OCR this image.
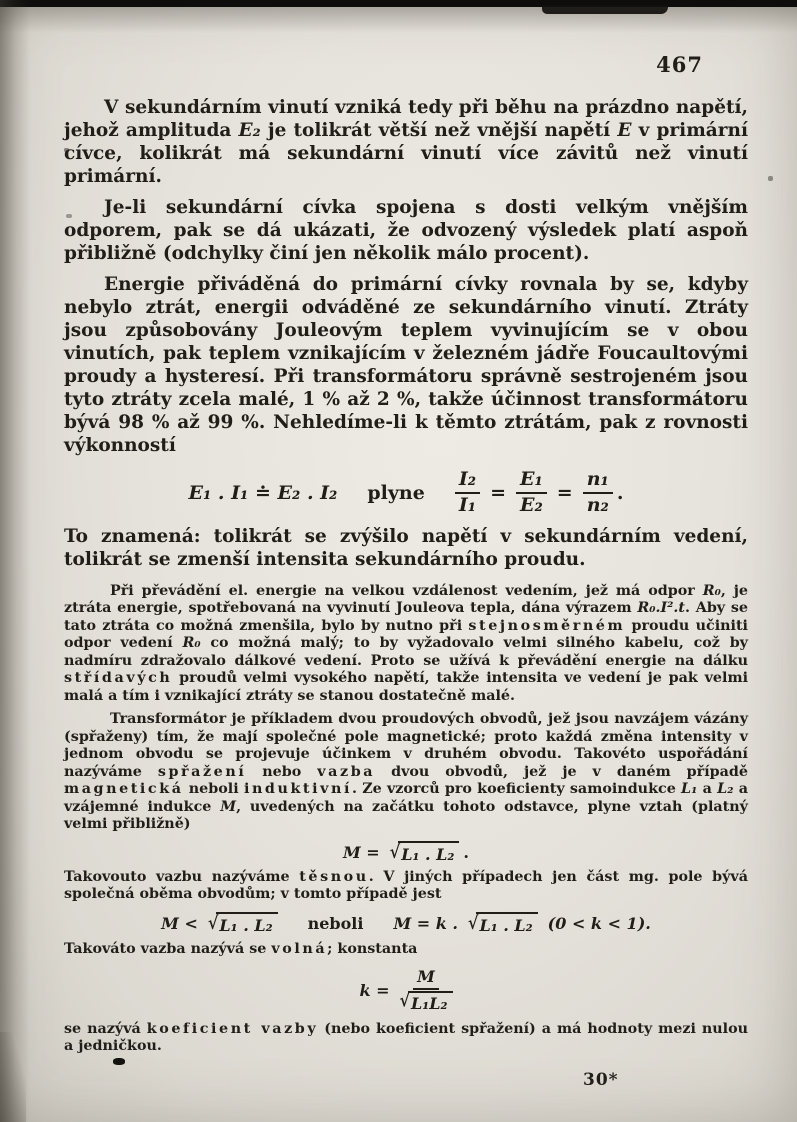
467

V sekundárním vinutí vzniká tedy při běhu na prázdno napětí, jehož amplituda E₂ je tolikrát větší než vnější napětí E v primární cívce, kolikrát má sekundární vinutí více závitů než vinutí primární.

Je-li sekundární cívka spojena s dosti velkým vnějším odporem, pak se dá ukázati, že odvozený výsledek platí aspoň přibližně (odchylky činí jen několik málo procent).

Energie přiváděná do primární cívky rovnala by se, kdyby nebylo ztrát, energii odváděné ze sekundárního vinutí. Ztráty jsou způsobovány Jouleovým teplem vyvinujícím se v obou vinutích, pak teplem vznikajícím v železném jádře Foucaultovými proudy a hysteresí. Při transformátoru správně sestrojeném jsou tyto ztráty zcela malé, 1 % až 2 %, takže účinnost transformátoru bývá 98 % až 99 %. Nehledíme-li k těmto ztrátám, pak z rovnosti výkonností

E₁ . I₁ ≐ E₂ . I₂ plyne $\frac{\text{I₂}}{\text{I₁}} = \frac{\text{E₁}}{\text{E₂}} = \frac{\text{n₁}}{\text{n₂}}$ .

To znamená: tolikrát se zvýšilo napětí v sekundárním vedení, tolikrát se zmenší intensita sekundárního proudu.

Při převádění el. energie na velkou vzdálenost vedením, jež má odpor R₀, je ztráta energie, spotřebovaná na vyvinutí Jouleova tepla, dána výrazem R₀.I².t. Aby se tato ztráta co možná zmenšila, bylo by nutno při stejnosměrném proudu učiniti odpor vedení R₀ co možná malý; to by vyžadovalo velmi silného kabelu, což by nadmíru zdražovalo dálkové vedení. Proto se užívá k převádění energie na dálku střídavých proudů velmi vysokého napětí, takže intensita ve vedení je pak velmi malá a tím i vznikající ztráty se stanou dostatečně malé.

Transformátor je příkladem dvou proudových obvodů, jež jsou navzájem vázány (spřaženy) tím, že mají společné pole magnetické; proto každá změna intensity v jednom obvodu se projevuje účinkem v druhém obvodu. Takovéto uspořádání nazýváme spřažení nebo vazba dvou obvodů, jež je v daném případě magnetická neboli induktivní. Ze vzorců pro koeficienty samoindukce L₁ a L₂ a vzájemné indukce M, uvedených na začátku tohoto odstavce, plyne vztah (platný velmi přibližně)

M = √ L₁ . L₂ .

Takovouto vazbu nazýváme těsnou. V jiných případech jen část mg. pole bývá společná oběma obvodům; v tomto případě jest

M < √ L₁ . L₂	neboli M = k . √ L₁ . L₂ (0 < k < 1).

Takováto vazba nazývá se volná; konstanta

$k = \frac{M}{\text{√ L₁L₂}}$

se nazývá koeficient vazby (nebo koeficient spřažení) a má hodnoty mezi nulou a jedničkou.

30*
